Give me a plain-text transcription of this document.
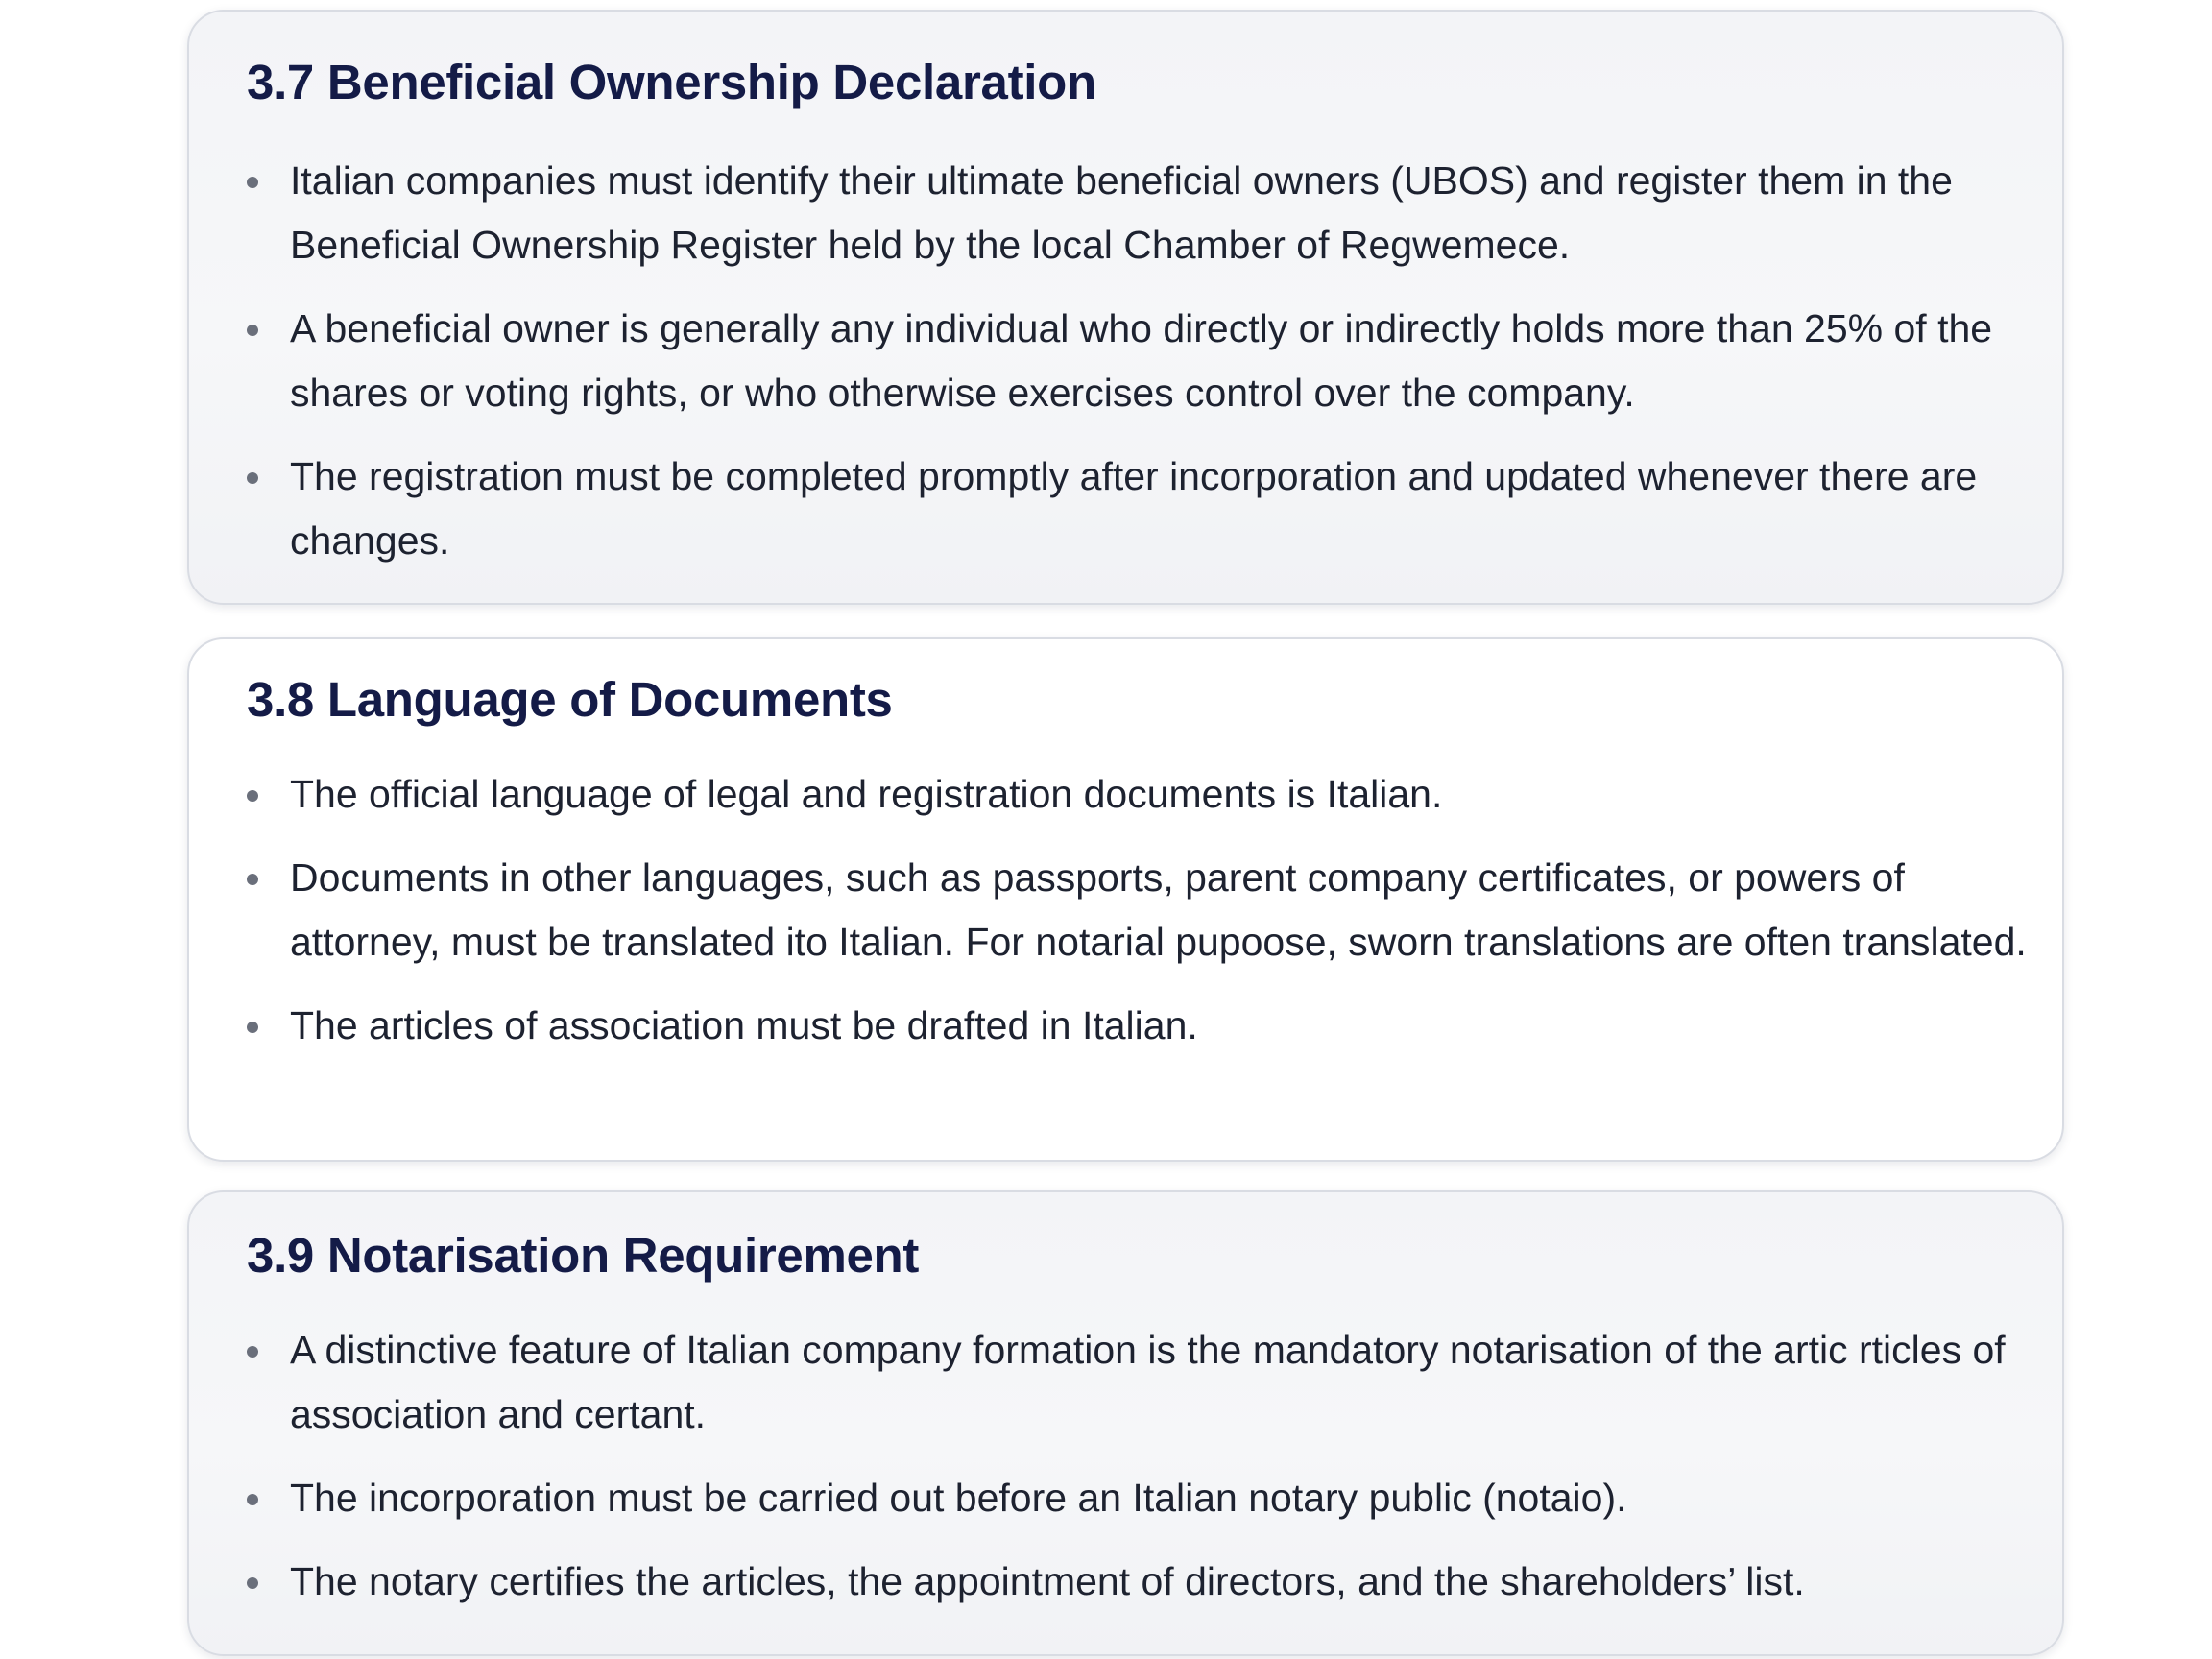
3.7 Beneficial Ownership Declaration
Italian companies must identify their ultimate beneficial owners (UBOS) and register them in the Beneficial Ownership Register held by the local Chamber of Regwemece.
A beneficial owner is generally any individual who directly or indirectly holds more than 25% of the shares or voting rights, or who otherwise exercises control over the company.
The registration must be completed promptly after incorporation and updated whenever there are changes.
3.8 Language of Documents
The official language of legal and registration documents is Italian.
Documents in other languages, such as passports, parent company certificates, or powers of attorney, must be translated ito Italian. For notarial pupoose, sworn translations are often translated.
The articles of association must be drafted in Italian.
3.9 Notarisation Requirement
A distinctive feature of Italian company formation is the mandatory notarisation of the artic rticles of association and certant.
The incorporation must be carried out before an Italian notary public (notaio).
The notary certifies the articles, the appointment of directors, and the shareholders’ list.
